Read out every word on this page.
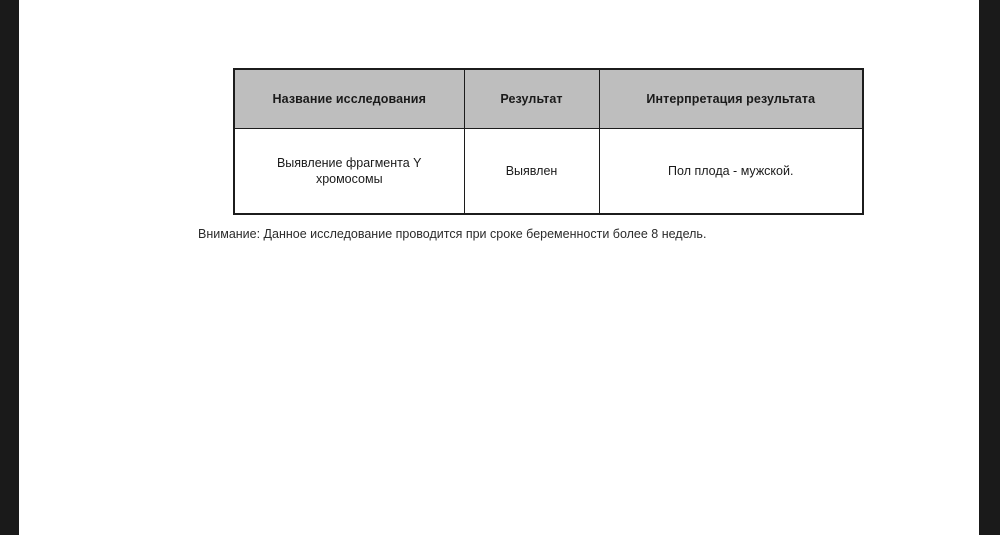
Название исследования	Результат	Интерпретация результата
Выявление фрагмента Y хромосомы	Выявлен	Пол плода - мужской.
Внимание: Данное исследование проводится при сроке беременности более 8 недель.
